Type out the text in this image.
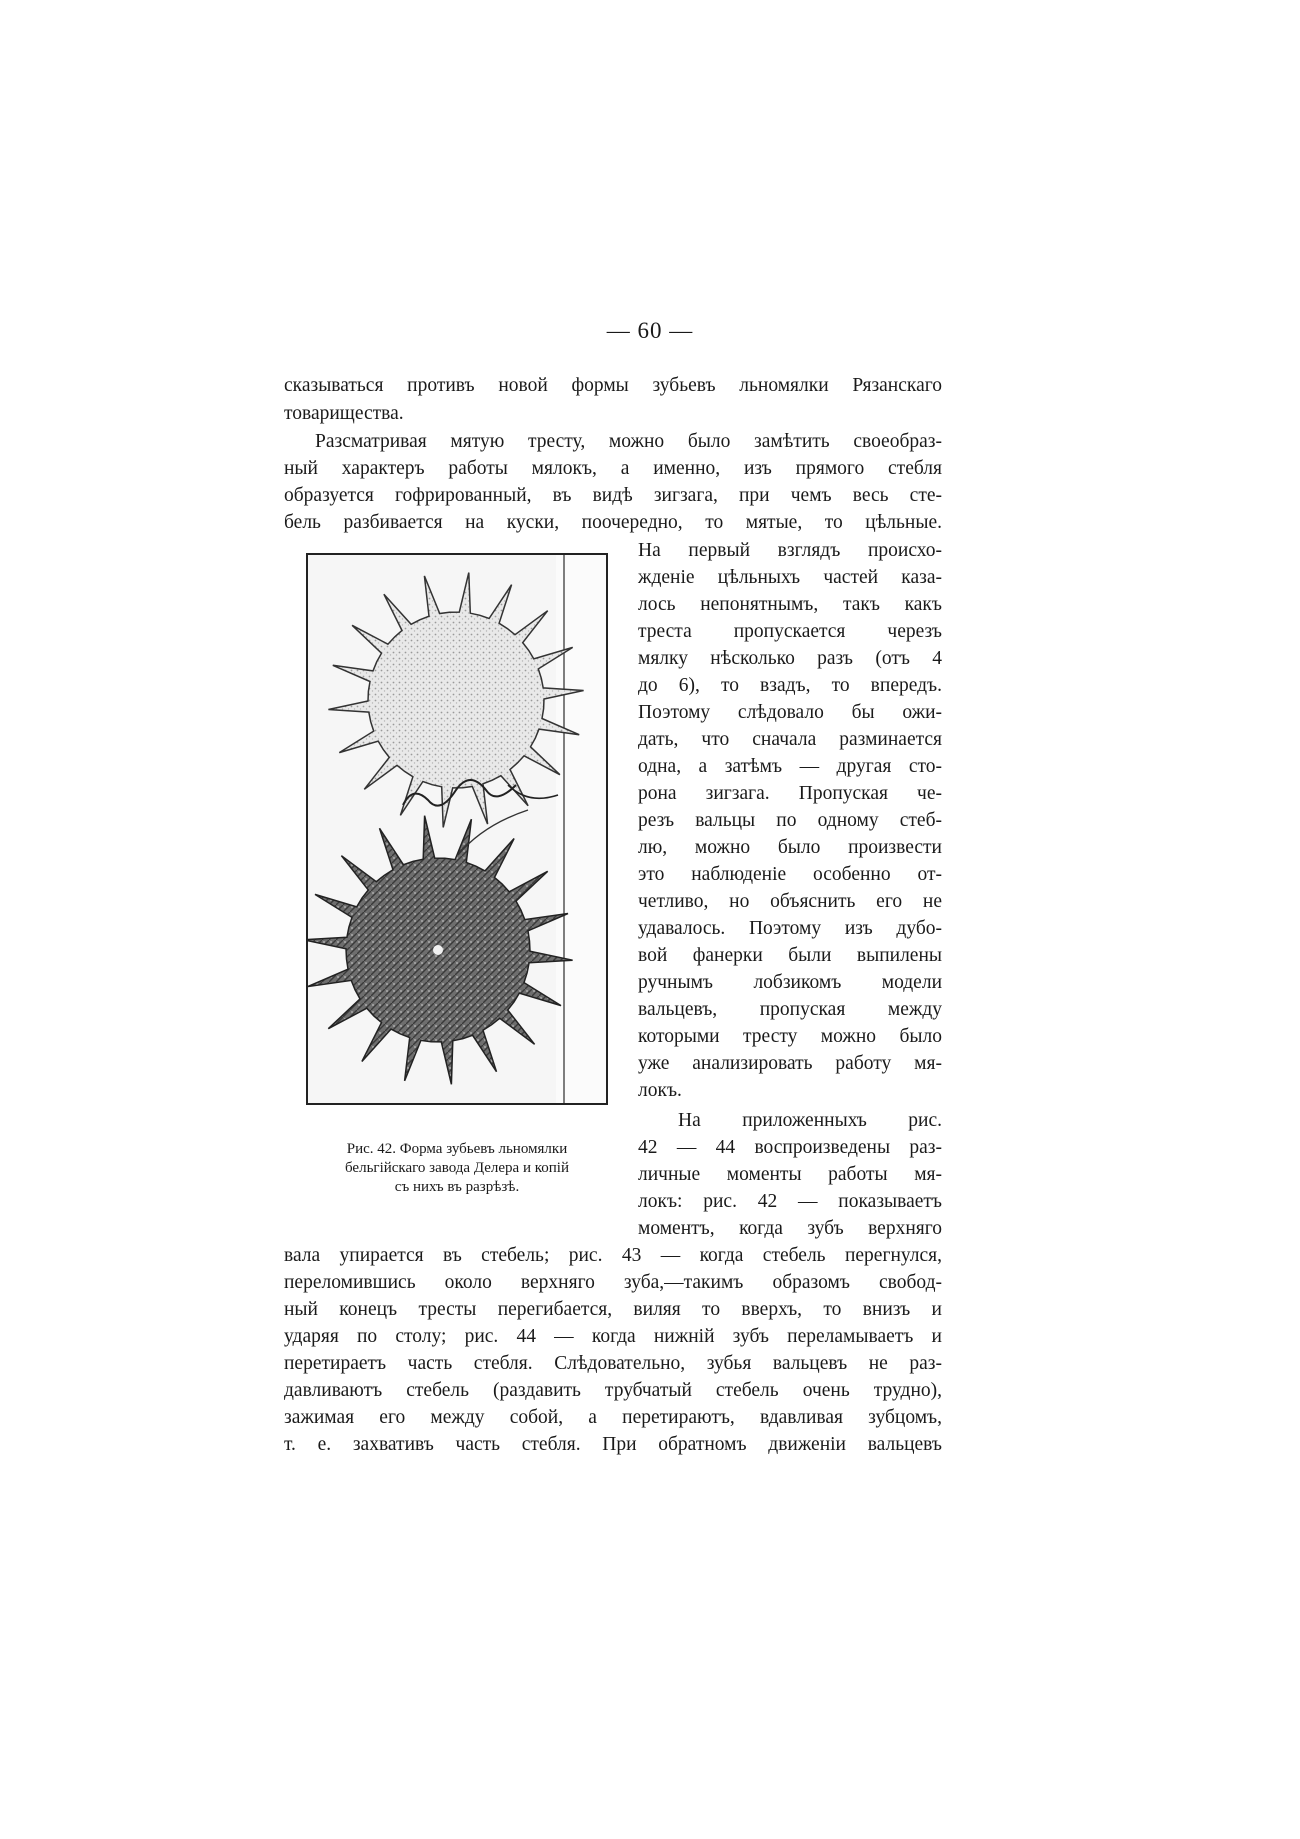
— 60 —
сказываться противъ новой формы зубьевъ льномялки Рязанскаго
товарищества.
Разсматривая мятую тресту, можно было замѣтить своеобраз-
ный характеръ работы мялокъ, а именно, изъ прямого стебля
образуется гофрированный, въ видѣ зигзага, при чемъ весь сте-
бель разбивается на куски, поочередно, то мятые, то цѣльные.
Рис. 42. Форма зубьевъ льномялки
бельгійскаго завода Делера и копій
съ нихъ въ разрѣзѣ.
На первый взглядъ происхо-
жденіе цѣльныхъ частей каза-
лось непонятнымъ, такъ какъ
треста пропускается черезъ
мялку нѣсколько разъ (отъ 4
до 6), то взадъ, то впередъ.
Поэтому слѣдовало бы ожи-
дать, что сначала разминается
одна, а затѣмъ — другая сто-
рона зигзага. Пропуская че-
резъ вальцы по одному стеб-
лю, можно было произвести
это наблюденіе особенно от-
четливо, но объяснить его не
удавалось. Поэтому изъ дубо-
вой фанерки были выпилены
ручнымъ лобзикомъ модели
вальцевъ, пропуская между
которыми тресту можно было
уже анализировать работу мя-
локъ.
На приложенныхъ рис.
42 — 44 воспроизведены раз-
личные моменты работы мя-
локъ: рис. 42 — показываетъ
моментъ, когда зубъ верхняго
вала упирается въ стебель; рис. 43 — когда стебель перегнулся,
переломившись около верхняго зуба,—такимъ образомъ свобод-
ный конецъ тресты перегибается, виляя то вверхъ, то внизъ и
ударяя по столу; рис. 44 — когда нижній зубъ переламываетъ и
перетираетъ часть стебля. Слѣдовательно, зубья вальцевъ не раз-
давливаютъ стебель (раздавить трубчатый стебель очень трудно),
зажимая его между собой, а перетираютъ, вдавливая зубцомъ,
т. е. захвативъ часть стебля. При обратномъ движеніи вальцевъ
